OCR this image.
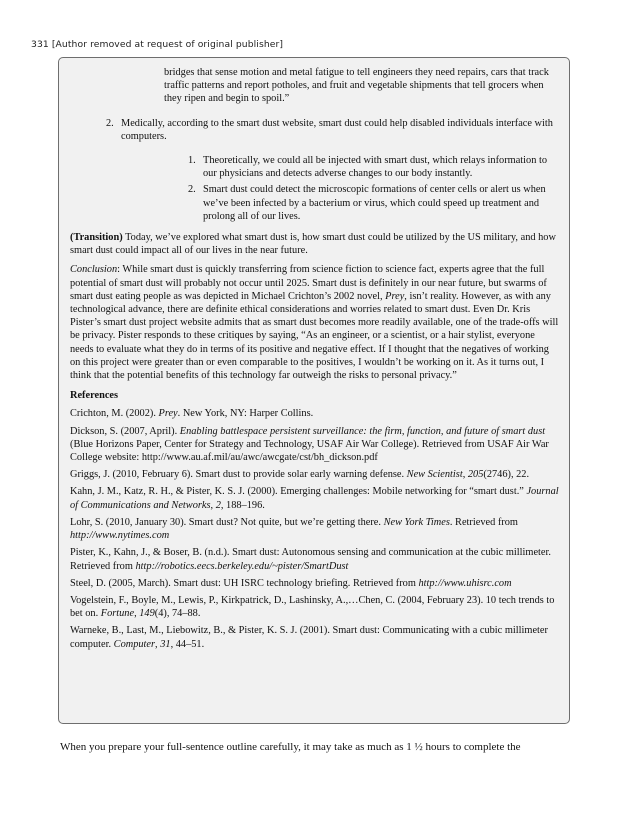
331 [Author removed at request of original publisher]

bridges that sense motion and metal fatigue to tell engineers they need repairs, cars that track traffic patterns and report potholes, and fruit and vegetable shipments that tell grocers when they ripen and begin to spoil.”

2. Medically, according to the smart dust website, smart dust could help disabled individuals interface with computers.
1. Theoretically, we could all be injected with smart dust, which relays information to our physicians and detects adverse changes to our body instantly.
2. Smart dust could detect the microscopic formations of center cells or alert us when we’ve been infected by a bacterium or virus, which could speed up treatment and prolong all of our lives.

(Transition) Today, we’ve explored what smart dust is, how smart dust could be utilized by the US military, and how smart dust could impact all of our lives in the near future.

Conclusion: While smart dust is quickly transferring from science fiction to science fact, experts agree that the full potential of smart dust will probably not occur until 2025. Smart dust is definitely in our near future, but swarms of smart dust eating people as was depicted in Michael Crichton’s 2002 novel, Prey, isn’t reality. However, as with any technological advance, there are definite ethical considerations and worries related to smart dust. Even Dr. Kris Pister’s smart dust project website admits that as smart dust becomes more readily available, one of the trade-offs will be privacy. Pister responds to these critiques by saying, “As an engineer, or a scientist, or a hair stylist, everyone needs to evaluate what they do in terms of its positive and negative effect. If I thought that the negatives of working on this project were greater than or even comparable to the positives, I wouldn’t be working on it. As it turns out, I think that the potential benefits of this technology far outweigh the risks to personal privacy.”

References

Crichton, M. (2002). Prey. New York, NY: Harper Collins.

Dickson, S. (2007, April). Enabling battlespace persistent surveillance: the firm, function, and future of smart dust (Blue Horizons Paper, Center for Strategy and Technology, USAF Air War College). Retrieved from USAF Air War College website: http://www.au.af.mil/au/awc/awcgate/cst/bh_dickson.pdf

Griggs, J. (2010, February 6). Smart dust to provide solar early warning defense. New Scientist, 205(2746), 22.

Kahn, J. M., Katz, R. H., & Pister, K. S. J. (2000). Emerging challenges: Mobile networking for “smart dust.” Journal of Communications and Networks, 2, 188–196.

Lohr, S. (2010, January 30). Smart dust? Not quite, but we’re getting there. New York Times. Retrieved from http://www.nytimes.com

Pister, K., Kahn, J., & Boser, B. (n.d.). Smart dust: Autonomous sensing and communication at the cubic millimeter. Retrieved from http://robotics.eecs.berkeley.edu/~pister/SmartDust

Steel, D. (2005, March). Smart dust: UH ISRC technology briefing. Retrieved from http://www.uhisrc.com

Vogelstein, F., Boyle, M., Lewis, P., Kirkpatrick, D., Lashinsky, A.,…Chen, C. (2004, February 23). 10 tech trends to bet on. Fortune, 149(4), 74–88.

Warneke, B., Last, M., Liebowitz, B., & Pister, K. S. J. (2001). Smart dust: Communicating with a cubic millimeter computer. Computer, 31, 44–51.

When you prepare your full-sentence outline carefully, it may take as much as 1 ½ hours to complete the
